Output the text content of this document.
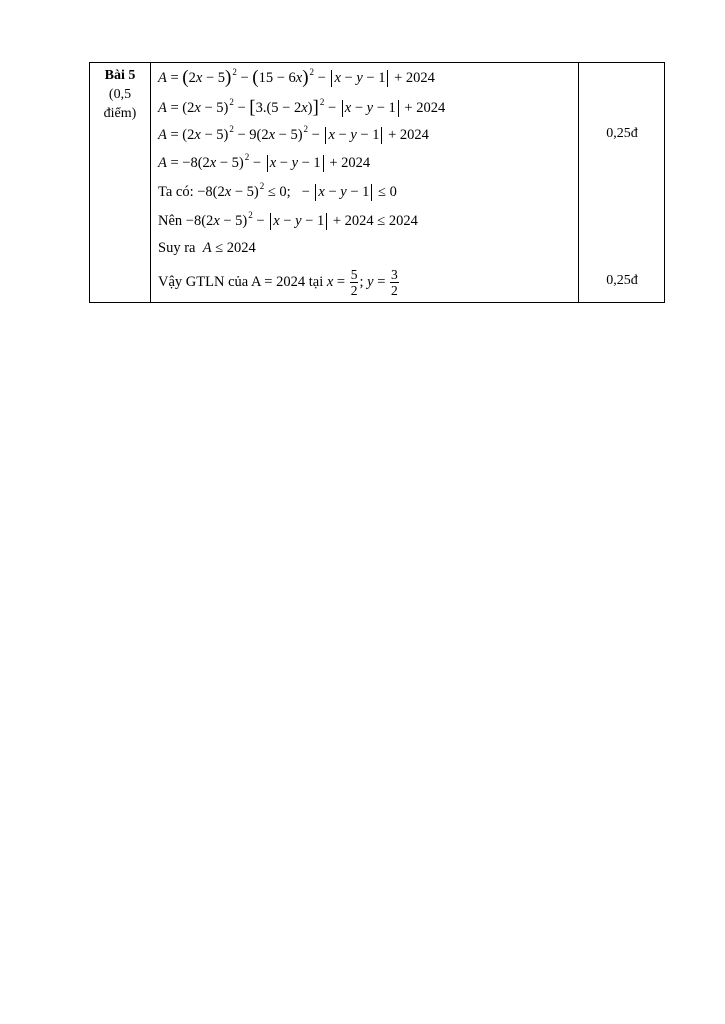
Bài 5
(0,5
điểm)
$A = (2x - 5)^2 - (15 - 6x)^2 - x - y - 1 + 2024$
$A = (2x - 5)^2 - [3.(5 - 2x)]^2 - x - y - 1 + 2024$
$A = (2x - 5)^2 - 9(2x - 5)^2 - x - y - 1 + 2024$
$A = -8(2x - 5)^2 - x - y - 1 + 2024$
Ta có: $-8(2x - 5)^2 \le 0$;   − x − y − 1 ≤ 0
Nên $-8(2x - 5)^2 - x - y - 1 + 2024 \le 2024$
Suy ra  A ≤ 2024
Vậy GTLN của A = 2024 tại $x = \frac{5}{2}$ ; $y = \frac{3}{2}$
0,25đ
0,25đ
